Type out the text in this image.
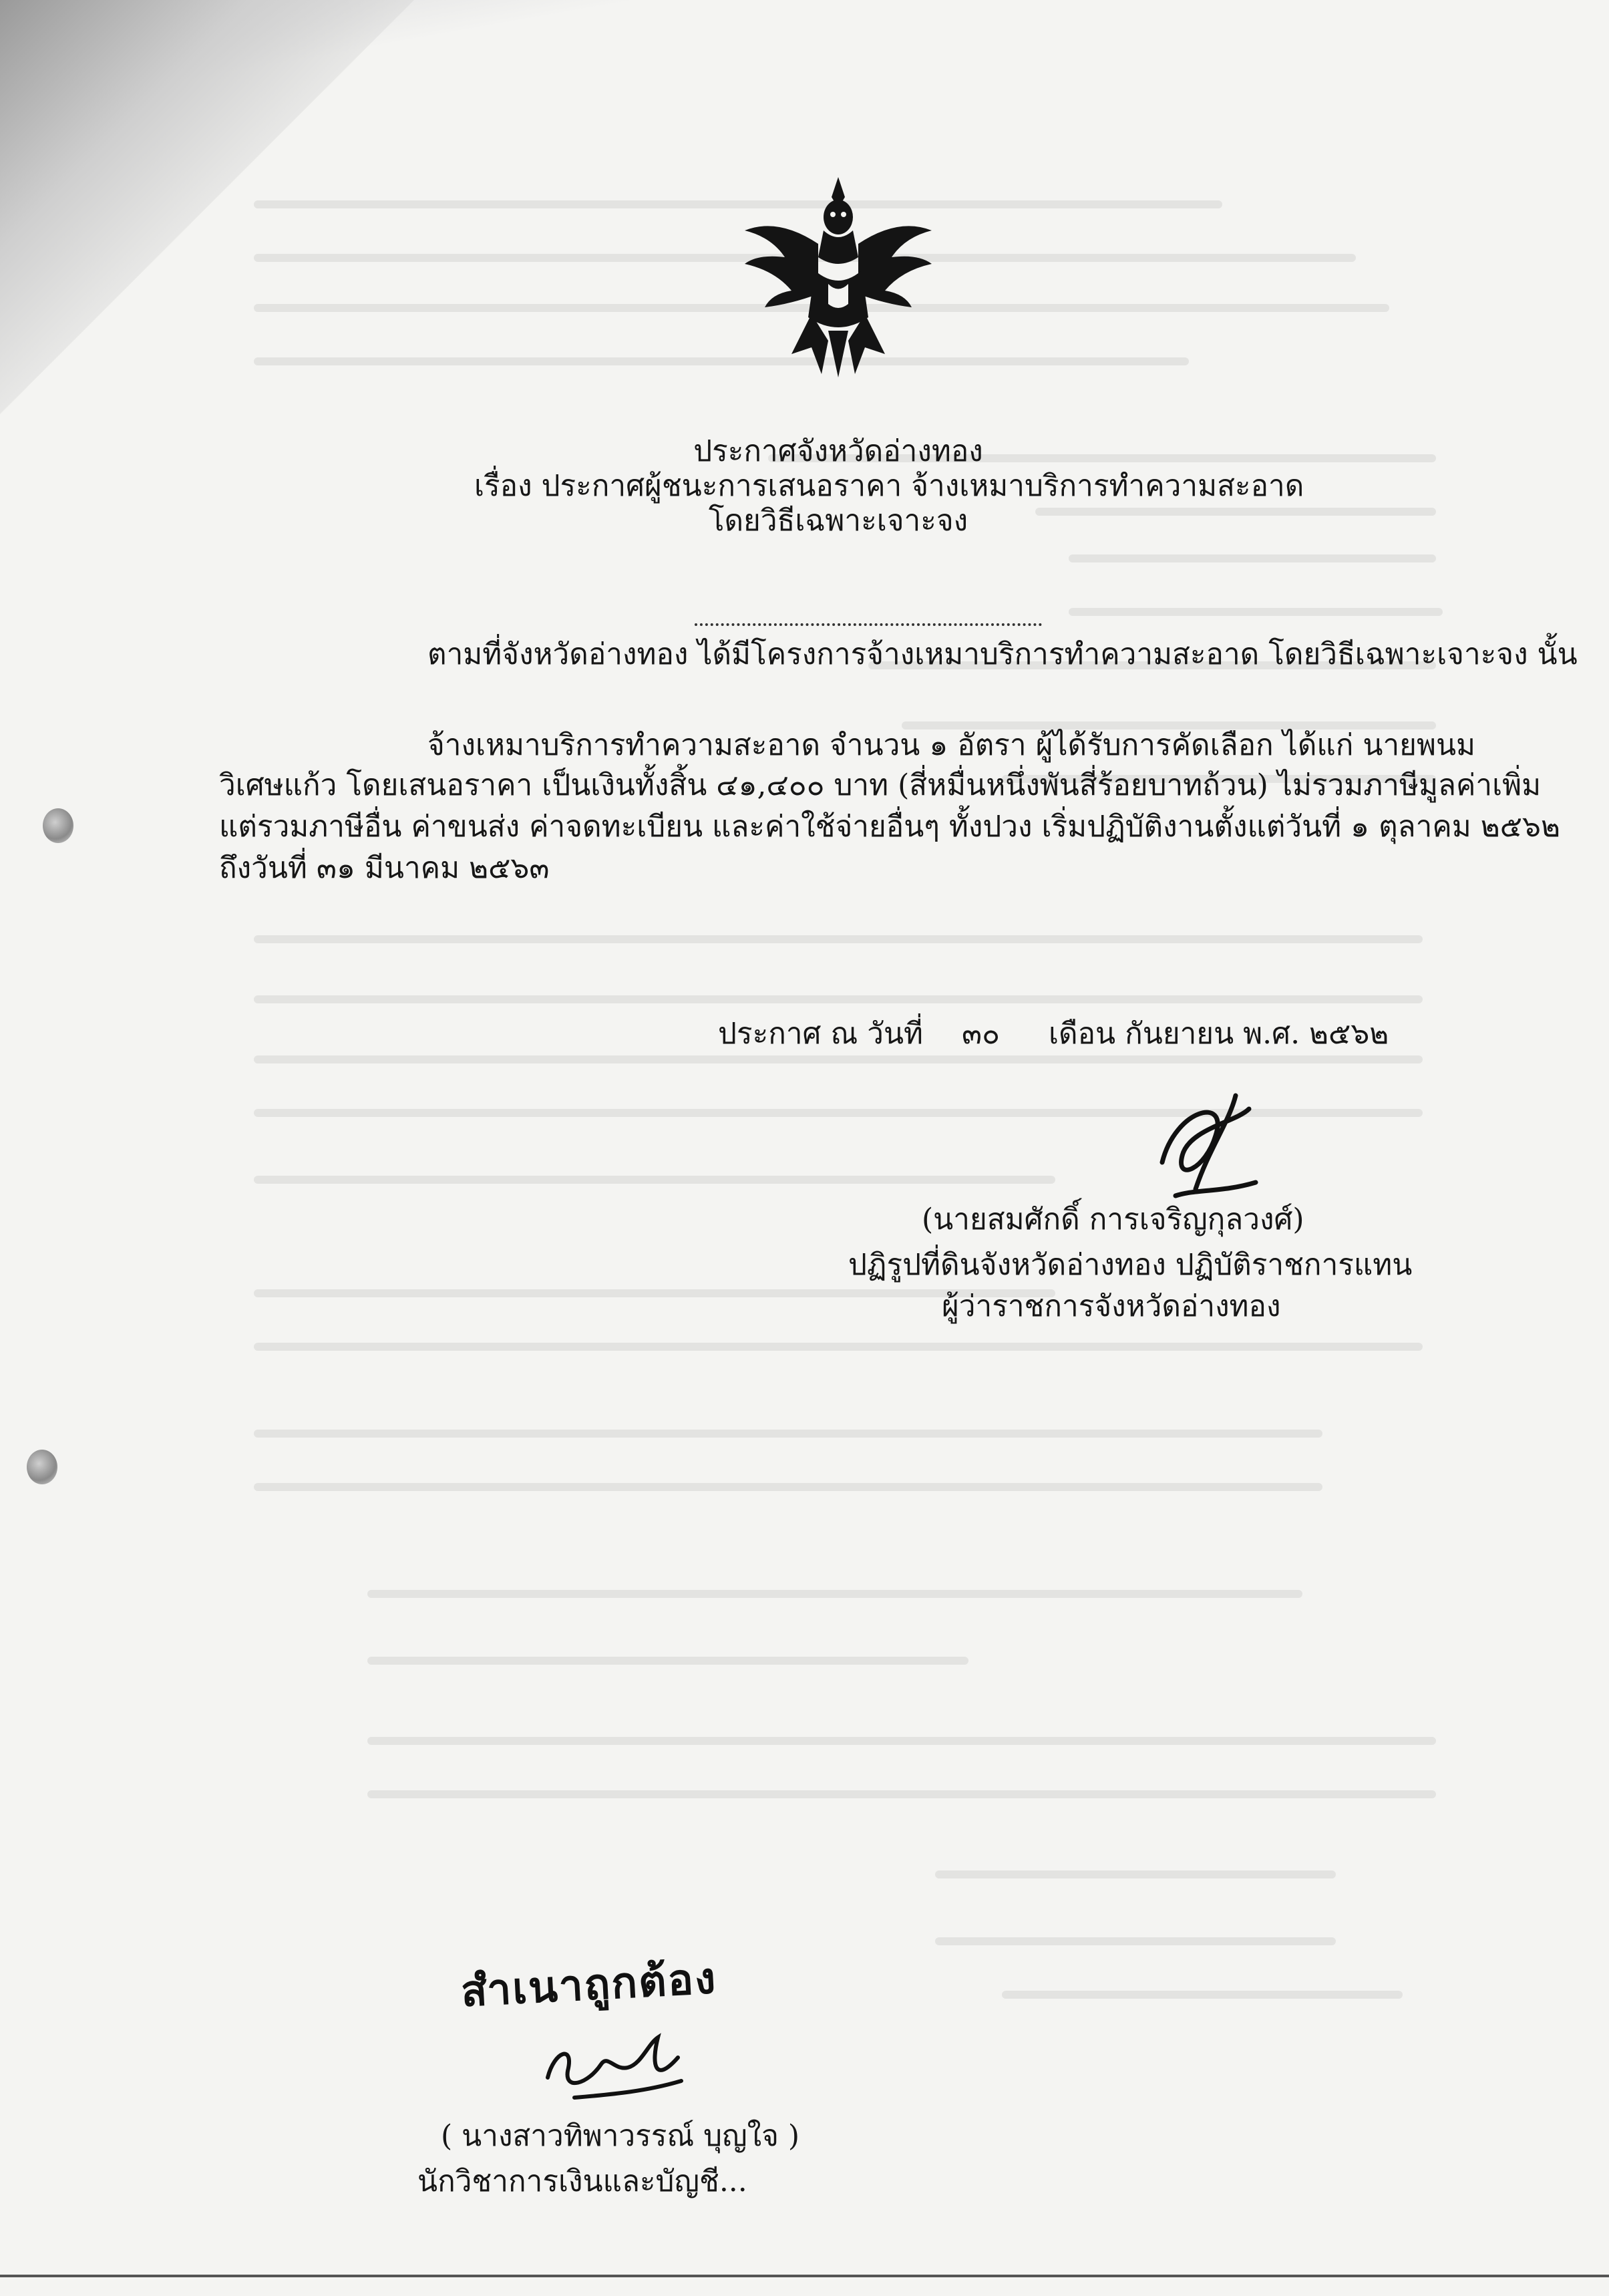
ประกาศจังหวัดอ่างทอง
เรื่อง ประกาศผู้ชนะการเสนอราคา จ้างเหมาบริการทำความสะอาด
โดยวิธีเฉพาะเจาะจง
ตามที่จังหวัดอ่างทอง ได้มีโครงการจ้างเหมาบริการทำความสะอาด โดยวิธีเฉพาะเจาะจง นั้น
จ้างเหมาบริการทำความสะอาด จำนวน ๑ อัตรา ผู้ได้รับการคัดเลือก ได้แก่ นายพนม
วิเศษแก้ว โดยเสนอราคา เป็นเงินทั้งสิ้น ๔๑,๔๐๐ บาท (สี่หมื่นหนึ่งพันสี่ร้อยบาทถ้วน) ไม่รวมภาษีมูลค่าเพิ่ม
แต่รวมภาษีอื่น ค่าขนส่ง ค่าจดทะเบียน และค่าใช้จ่ายอื่นๆ ทั้งปวง เริ่มปฏิบัติงานตั้งแต่วันที่ ๑ ตุลาคม ๒๕๖๒
ถึงวันที่ ๓๑ มีนาคม ๒๕๖๓
ประกาศ ณ วันที่ ๓๐ เดือน กันยายน พ.ศ. ๒๕๖๒
(นายสมศักดิ์ การเจริญกุลวงศ์)
ปฏิรูปที่ดินจังหวัดอ่างทอง ปฏิบัติราชการแทน
ผู้ว่าราชการจังหวัดอ่างทอง
สำเนาถูกต้อง
( นางสาวทิพาวรรณ์ บุญใจ )
นักวิชาการเงินและบัญชี...
